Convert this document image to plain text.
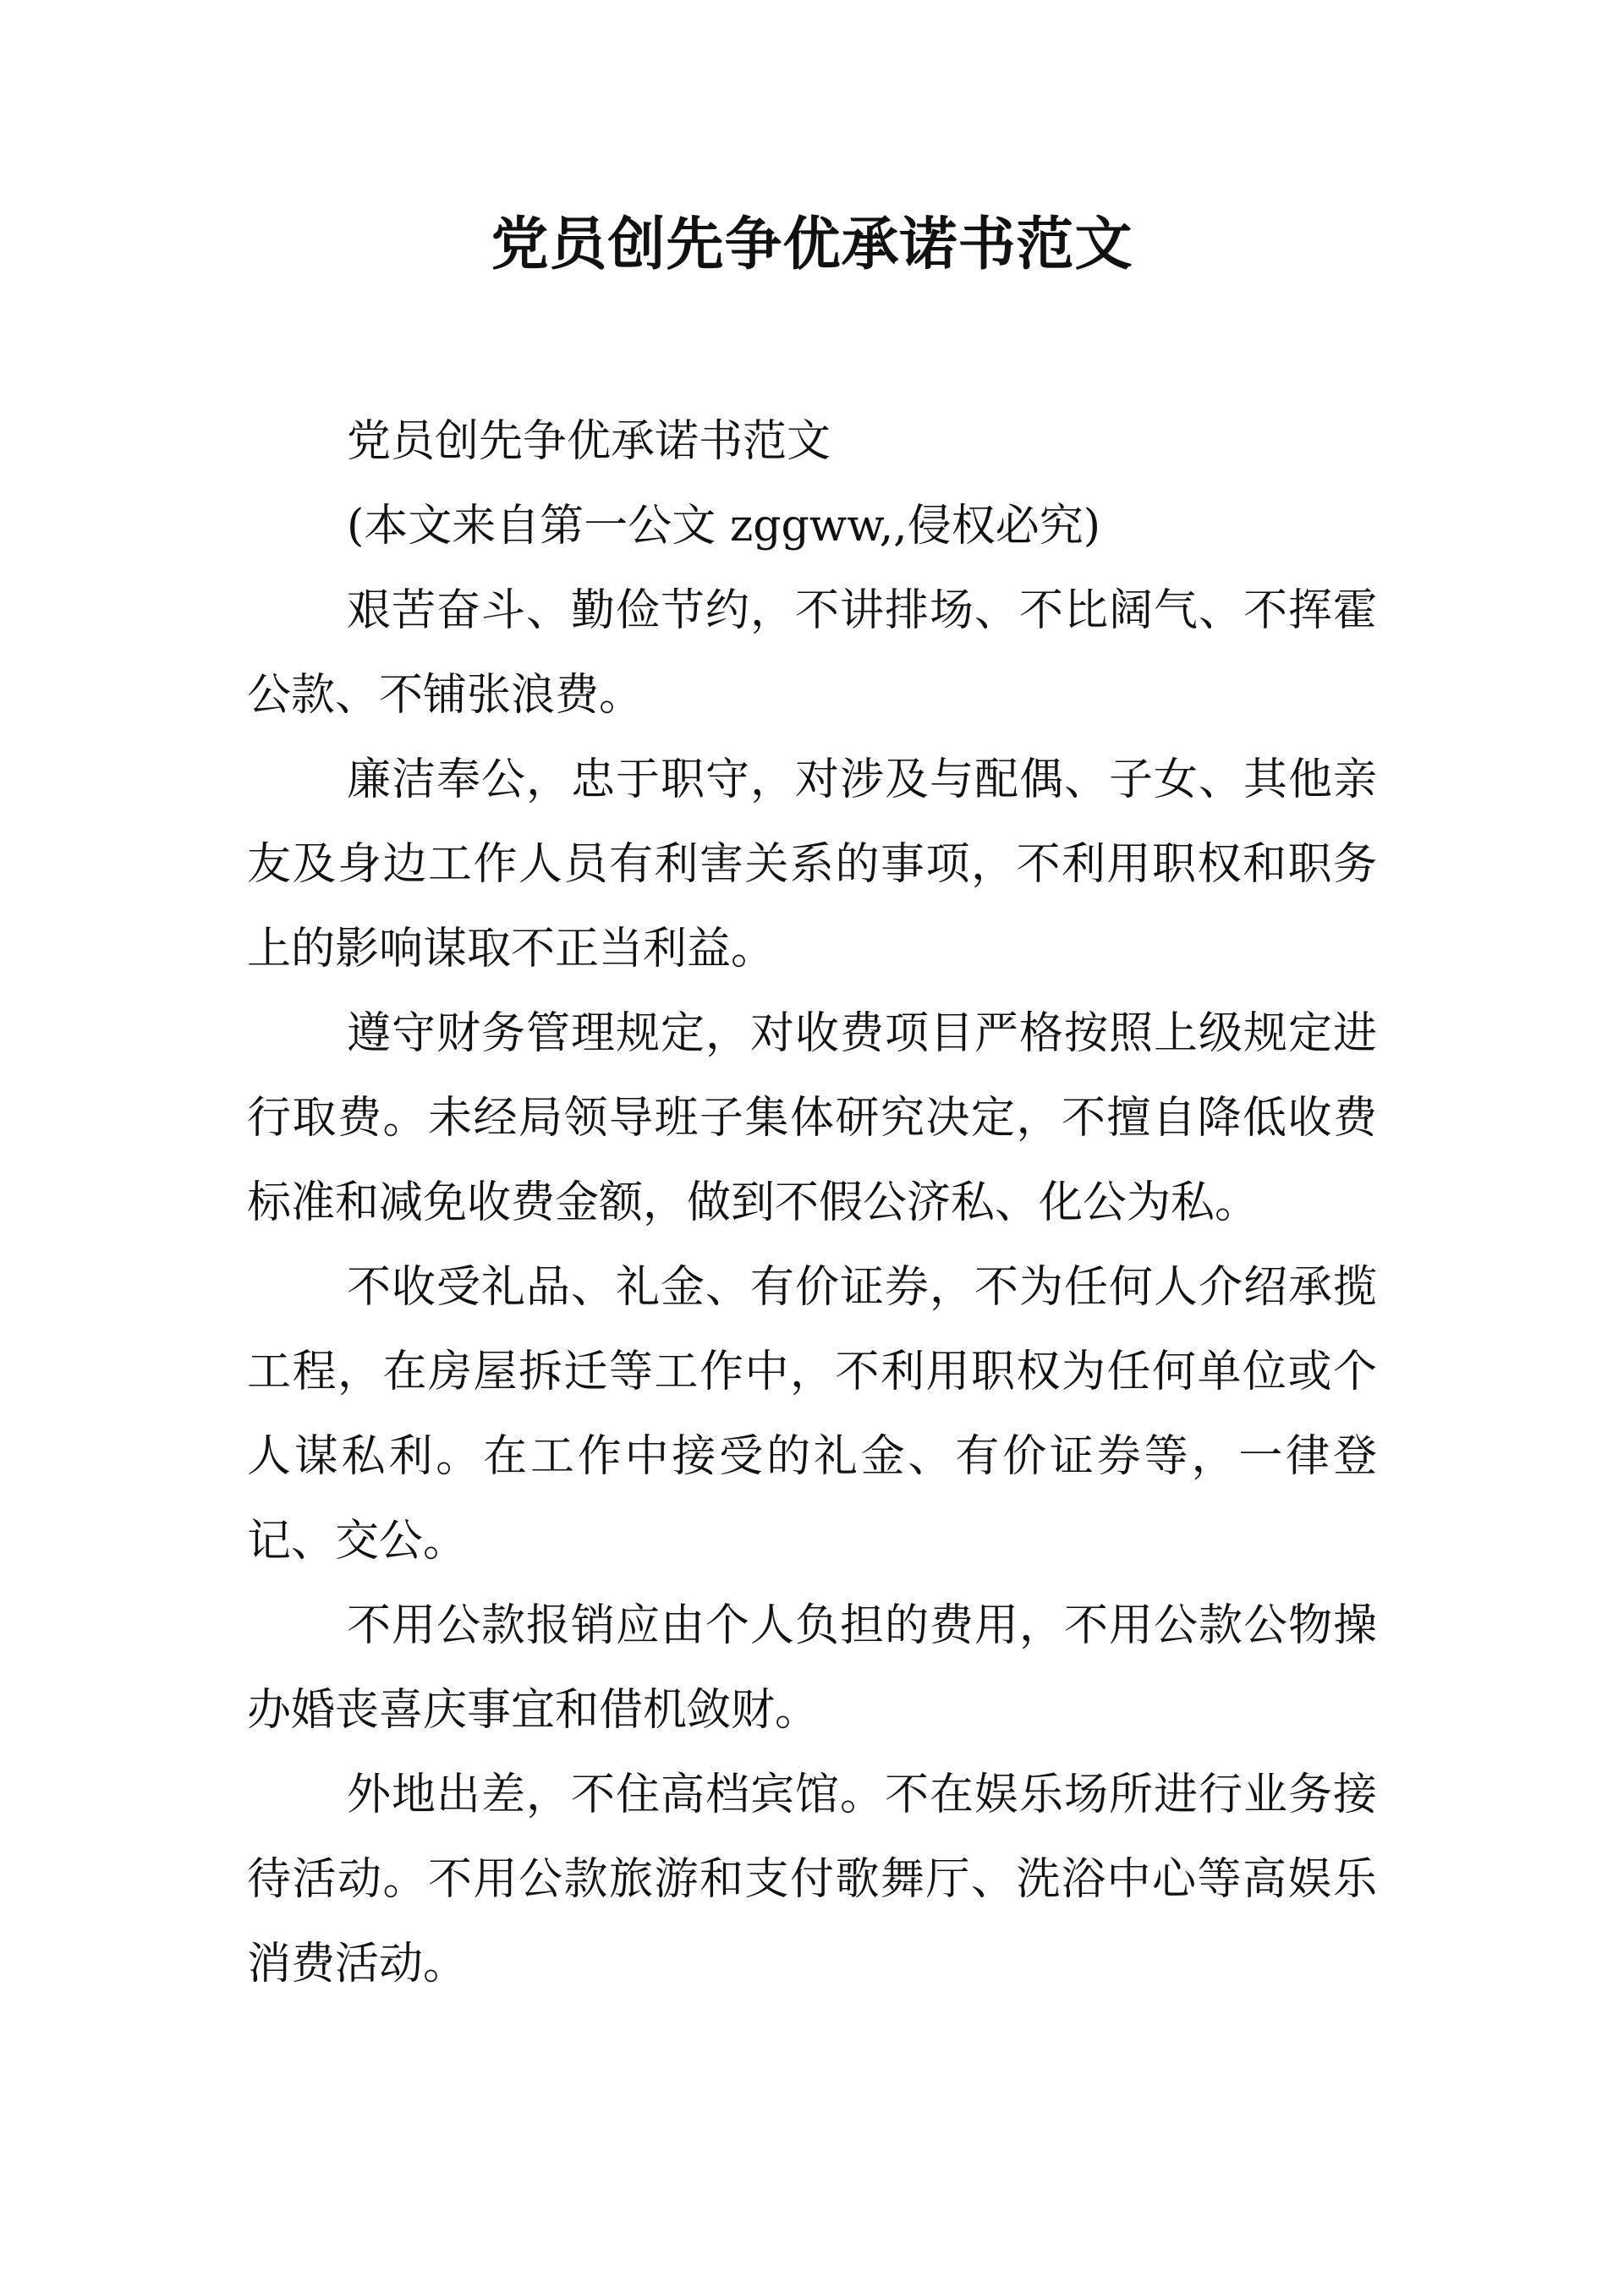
党员创先争优承诺书范文

党员创先争优承诺书范文

(本文来自第一公文 zggww,,侵权必究)

艰苦奋斗、勤俭节约，不讲排场、不比阔气、不挥霍公款、不铺张浪费。

廉洁奉公，忠于职守，对涉及与配偶、子女、其他亲友及身边工作人员有利害关系的事项，不利用职权和职务上的影响谋取不正当利益。

遵守财务管理规定，对收费项目严格按照上级规定进行取费。未经局领导班子集体研究决定，不擅自降低收费标准和减免收费金额，做到不假公济私、化公为私。

不收受礼品、礼金、有价证券，不为任何人介绍承揽工程，在房屋拆迁等工作中，不利用职权为任何单位或个人谋私利。在工作中接受的礼金、有价证券等，一律登记、交公。

不用公款报销应由个人负担的费用，不用公款公物操办婚丧喜庆事宜和借机敛财。

外地出差，不住高档宾馆。不在娱乐场所进行业务接待活动。不用公款旅游和支付歌舞厅、洗浴中心等高娱乐消费活动。
